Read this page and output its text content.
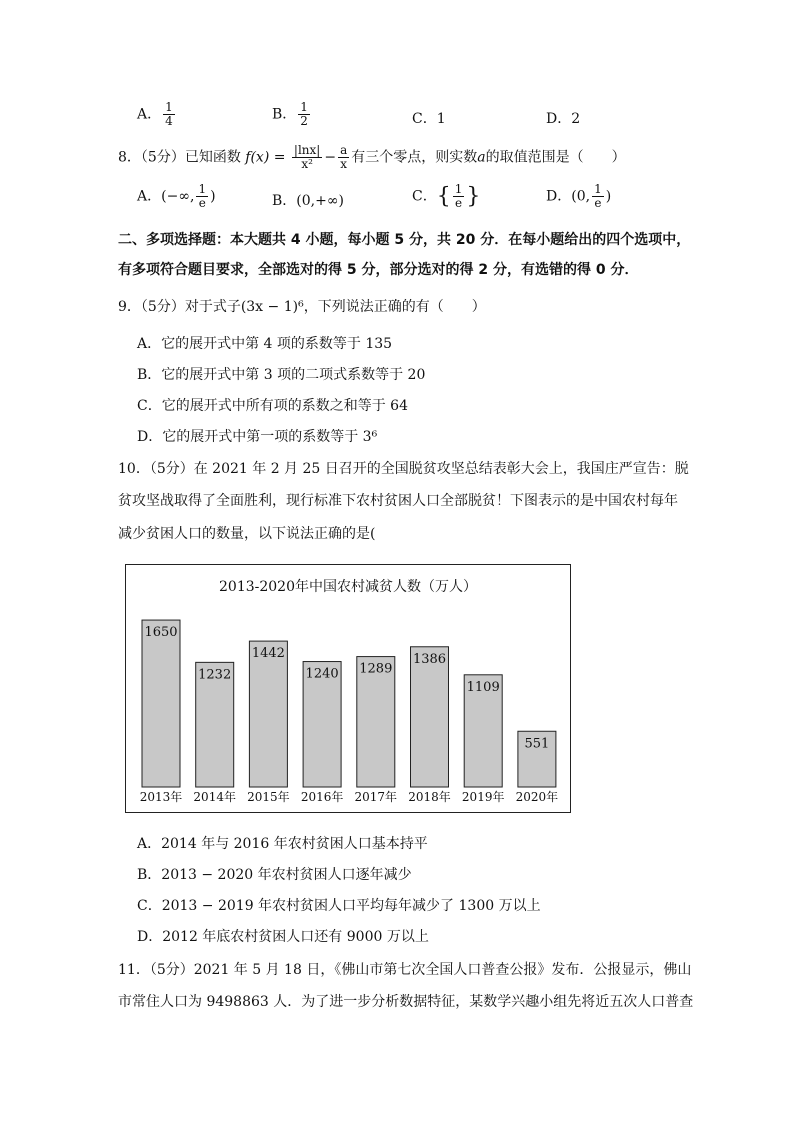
A． $\frac{1}{4}$	B． $\frac{1}{2}$	C．1	D．2
8．（5分）已知函数 $f(x) = \frac{|\ln x|}{\text{x²}} - \frac{a}{x}$ 有三个零点，则实数a的取值范围是（　　）
A．(−∞, $\frac{1}{e}$ )	B．(0,+∞)	C．{ $\frac{1}{e}$ }	D．(0, $\frac{1}{e}$ )
二、多项选择题：本大题共 4 小题，每小题 5 分，共 20 分．在每小题给出的四个选项中，
有多项符合题目要求，全部选对的得 5 分，部分选对的得 2 分，有选错的得 0 分．
9．（5分）对于式子(3x − 1)⁶，下列说法正确的有（　　）
A．它的展开式中第 4 项的系数等于 135
B．它的展开式中第 3 项的二项式系数等于 20
C．它的展开式中所有项的系数之和等于 64
D．它的展开式中第一项的系数等于 3⁶
10．（5分）在 2021 年 2 月 25 日召开的全国脱贫攻坚总结表彰大会上，我国庄严宣告：脱
贫攻坚战取得了全面胜利，现行标准下农村贫困人口全部脱贫！下图表示的是中国农村每年
减少贫困人口的数量，以下说法正确的是(
2013-2020年中国农村减贫人数（万人）
1650
2013年
1232
2014年
1442
2015年
1240
2016年
1289
2017年
1386
2018年
1109
2019年
551
2020年
A．2014 年与 2016 年农村贫困人口基本持平
B．2013 − 2020 年农村贫困人口逐年减少
C．2013 − 2019 年农村贫困人口平均每年减少了 1300 万以上
D．2012 年底农村贫困人口还有 9000 万以上
11．（5分）2021 年 5 月 18 日，《佛山市第七次全国人口普查公报》发布．公报显示，佛山
市常住人口为 9498863 人．为了进一步分析数据特征，某数学兴趣小组先将近五次人口普查
